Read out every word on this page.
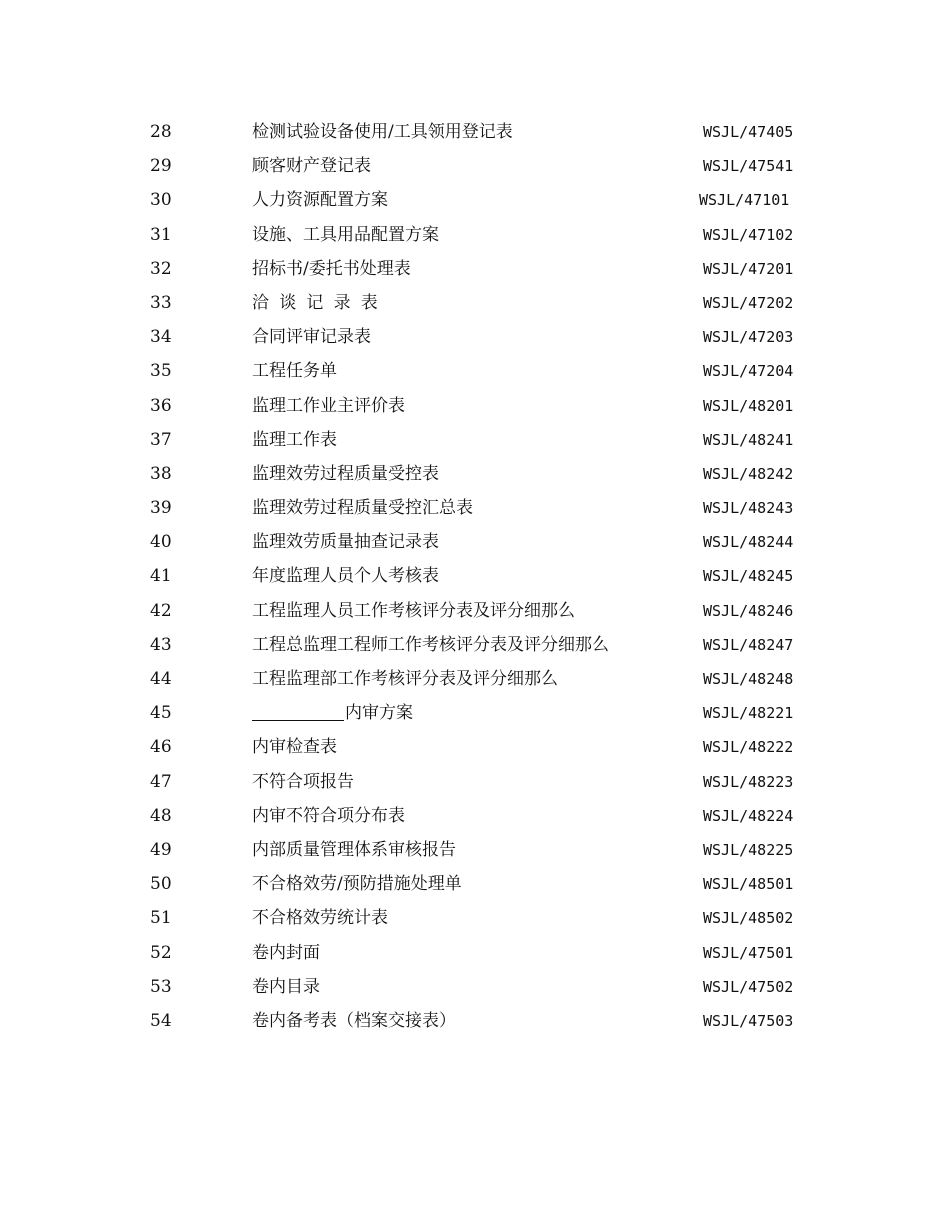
28	检测试验设备使用/工具领用登记表	WSJL/47405
29	顾客财产登记表	WSJL/47541
30	人力资源配置方案	WSJL/47101
31	设施、工具用品配置方案	WSJL/47102
32	招标书/委托书处理表	WSJL/47201
33	洽谈记录表	WSJL/47202
34	合同评审记录表	WSJL/47203
35	工程任务单	WSJL/47204
36	监理工作业主评价表	WSJL/48201
37	监理工作表	WSJL/48241
38	监理效劳过程质量受控表	WSJL/48242
39	监理效劳过程质量受控汇总表	WSJL/48243
40	监理效劳质量抽查记录表	WSJL/48244
41	年度监理人员个人考核表	WSJL/48245
42	工程监理人员工作考核评分表及评分细那么	WSJL/48246
43	工程总监理工程师工作考核评分表及评分细那么	WSJL/48247
44	工程监理部工作考核评分表及评分细那么	WSJL/48248
45	内审方案	WSJL/48221
46	内审检查表	WSJL/48222
47	不符合项报告	WSJL/48223
48	内审不符合项分布表	WSJL/48224
49	内部质量管理体系审核报告	WSJL/48225
50	不合格效劳/预防措施处理单	WSJL/48501
51	不合格效劳统计表	WSJL/48502
52	卷内封面	WSJL/47501
53	卷内目录	WSJL/47502
54	卷内备考表（档案交接表）	WSJL/47503
